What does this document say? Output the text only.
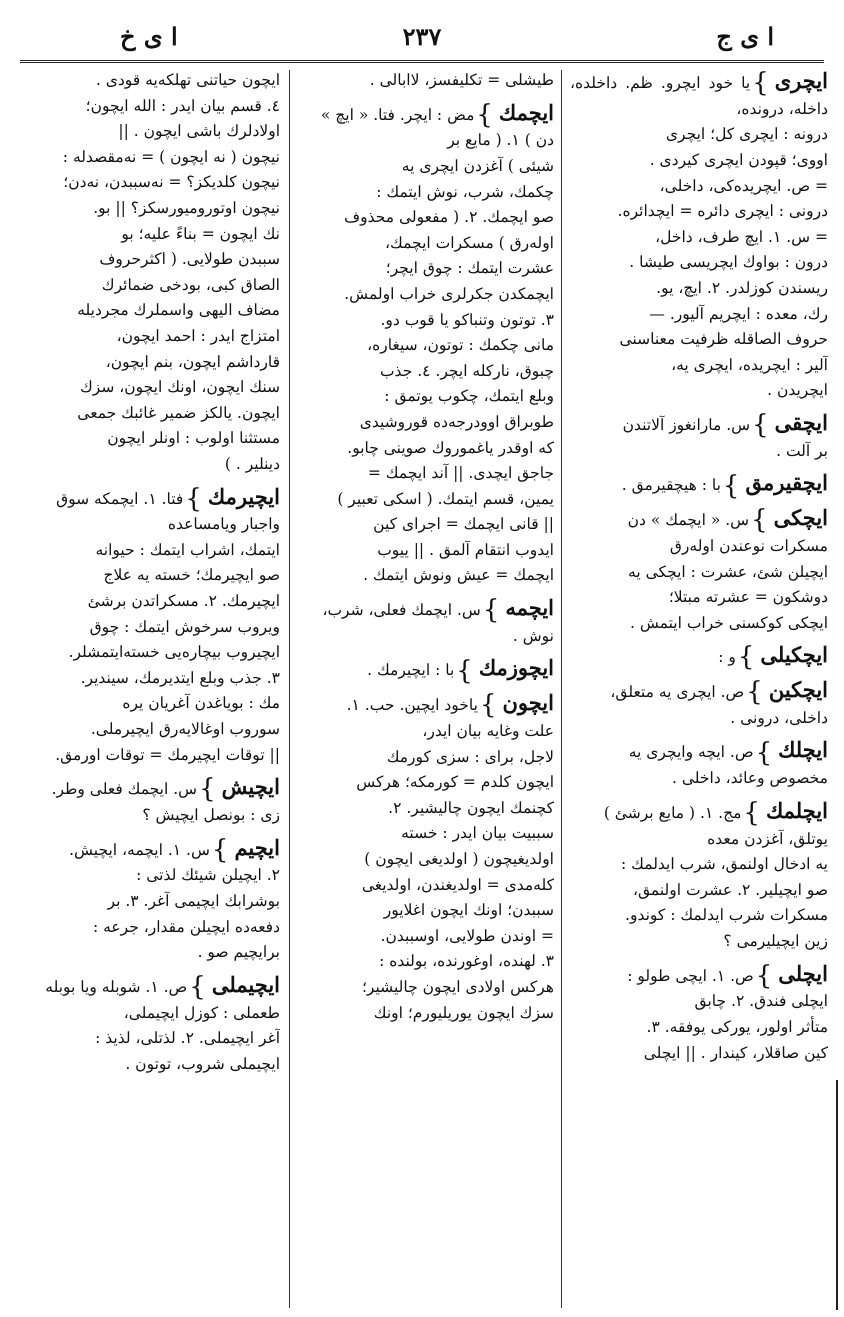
ا ى ج
٢٣٧
ا ى خ
ايچرى}يا خود ايچرو. ظم. داخلده، داخله، درونده،
درونه : ايچرى كل؛ ايچرى
اووى؛ قپودن ايچرى كيردى .
= ص. ايچريده‌كى، داخلى،
درونى : ايچرى دائره = ايچدائره.
= س. ١. ايچ طرف، داخل،
درون : بواوك ايچريسى طيشا .
ريسندن كوزلدر. ٢. ايچ، يو.
رك، معده : ايچريم آليور. —
حروف الصاقله ظرفيت معناسنى
آلير : ايچريده، ايچرى يه،
ايچريدن .
ايچقى}س. مارانغوز آلاتندن
بر آلت .
ايچقيرمق}با : هيچقيرمق .
ايچكى}س. « ايچمك » دن
مسكرات نوعندن اولەرق
ايچيلن شئ، عشرت : ايچكى يە
دوشكون = عشرتە مبتلا؛
ايچكى كوكسنى خراب ايتمش .
ايچكيلى}و :
ايچكين}ص. ايچرى يە متعلق،
داخلى، درونى .
ايچلك}ص. ايچه وايچرى يه
مخصوص وعائد، داخلى .
ايچلمك}مج. ١. ( مايع برشئ )
يوتلق، آغزدن معدە
يه ادخال اولنمق، شرب ايدلمك :
صو ايچيلير. ٢. عشرت اولنمق،
مسكرات شرب ايدلمك : كوندو.
زين ايچيليرمى ؟
ايچلى}ص. ١. ايچى طولو :
ايچلى فندق. ٢. چابق
متأثر اولور، يوركى يوفقه. ٣.
كين صاقلار، كيندار . || ايچلى
طيشلى = تكليفسز، لاابالى .
ايچمك}مض : ايچر. فتا. « ايچ »
دن ) ١. ( مايع بر
شيئى ) آغزدن ايچرى يه
چكمك، شرب، نوش ايتمك :
صو ايچمك. ٢. ( مفعولى محذوف
اولەرق ) مسكرات ايچمك،
عشرت ايتمك : چوق ايچر؛
ايچمكدن جكرلرى خراب اولمش.
٣. توتون وتنباكو يا قوب دو.
مانى چكمك : توتون، سيغاره،
چبوق، ناركله ايچر. ٤. جذب
وبلع ايتمك، چكوب يوتمق :
طوبراق اوودرجەده قوروشيدى
كه اوقدر ياغموروك صوينى چابو.
جاجق ايچدى. || آند ايچمك =
يمين، قسم ايتمك. ( اسكى تعبير )
|| قانى ايچمك = اجراى كين
ايدوب انتقام آلمق . || ييوب
ايچمك = عيش ونوش ايتمك .
ايچمه}س. ايچمك فعلى، شرب،
نوش .
ايچوزمك}با : ايچيرمك .
ايچون}ياخود ايچين. حب. ١.
علت وغايه بيان ايدر،
لاجل، براى : سزى كورمك
ايچون كلدم = كورمكە؛ هركس
كچنمك ايچون چاليشير. ٢.
سببيت بيان ايدر : خستە
اولديغيچون ( اولديغى ايچون )
كلەمدى = اولديغندن، اولديغى
سببدن؛ اونك ايچون اغلايور
= اوندن طولايى، اوسببدن.
٣. لهنده، اوغورنده، بولنده :
هركس اولادى ايچون چاليشير؛
سزك ايچون يوريليورم؛ اونك
ايچون حياتنى تهلكەيە قودى .
٤. قسم بيان ايدر : اللە ايچون؛
اولادلرك باشى ايچون . ||
نيچون ( نە ايچون ) = نەمقصدلە :
نيچون كلديكز؟ = نەسببدن، نەدن؛
نيچون اوتوروميورسكز؟ || بو.
نك ايچون = بناءً عليە؛ بو
سببدن طولايى. ( اكثرحروف
الصاق كبى، بودخى ضمائرك
مضاف اليهى واسملرك مجرديلە
امتزاج ايدر : احمد ايچون،
قارداشم ايچون، بنم ايچون،
سنك ايچون، اونك ايچون، سزك
ايچون. يالكز ضمير غائبك جمعى
مستثنا اولوب : اونلر ايچون
دينلير . )
ايچيرمك}فتا. ١. ايچمكه سوق
واجبار ويامساعده
ايتمك، اشراب ايتمك : حيوانە
صو ايچيرمك؛ خستە يە علاج
ايچيرمك. ٢. مسكراتدن برشئ
ويروب سرخوش ايتمك : چوق
ايچيروب بيچارەيى خستەايتمشلر.
٣. جذب وبلع ايتديرمك، سيندير.
مك : بوياغدن آغريان يره
سوروب اوغالايەرق ايچيرملى.
|| توقات ايچيرمك = توقات اورمق.
ايچيش}س. ايچمك فعلى وطر.
زى : بونصل ايچيش ؟
ايچيم}س. ١. ايچمە، ايچيش.
٢. ايچيلن شيئك لذتى :
بوشرابك ايچيمى آغر. ٣. بر
دفعەدە ايچيلن مقدار، جرعە :
برايچيم صو .
ايچيملى}ص. ١. شوبلە ويا بوبلە
طعملى : كوزل ايچيملى،
آغر ايچيملى. ٢. لذتلى، لذيذ :
ايچيملى شروب، توتون .
